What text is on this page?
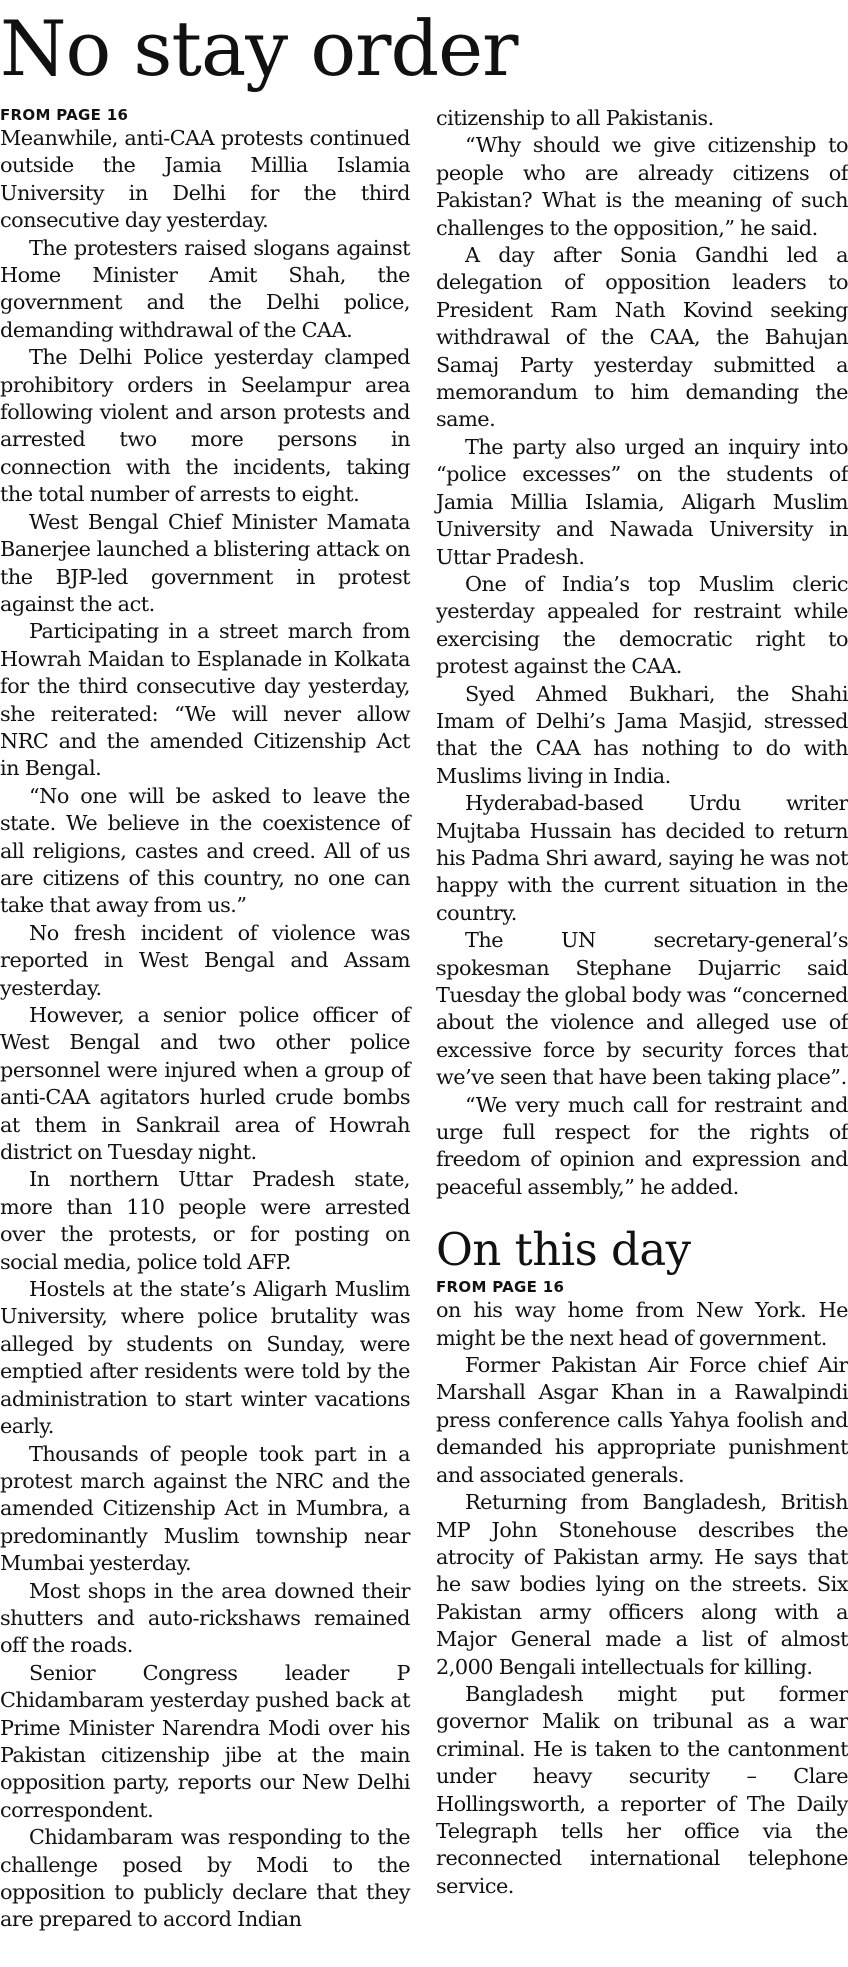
No stay order
FROM PAGE 16

Meanwhile, anti-CAA protests continued outside the Jamia Millia Islamia University in Delhi for the third consecutive day yesterday.

The protesters raised slogans against Home Minister Amit Shah, the government and the Delhi police, demanding withdrawal of the CAA.

The Delhi Police yesterday clamped prohibitory orders in Seelampur area following violent and arson protests and arrested two more persons in connection with the incidents, taking the total number of arrests to eight.

West Bengal Chief Minister Mamata Banerjee launched a blistering attack on the BJP-led government in protest against the act.

Participating in a street march from Howrah Maidan to Esplanade in Kolkata for the third consecutive day yesterday, she reiterated: “We will never allow NRC and the amended Citizenship Act in Bengal.

“No one will be asked to leave the state. We believe in the coexistence of all religions, castes and creed. All of us are citizens of this country, no one can take that away from us.”

No fresh incident of violence was reported in West Bengal and Assam yesterday.

However, a senior police officer of West Bengal and two other police personnel were injured when a group of anti-CAA agitators hurled crude bombs at them in Sankrail area of Howrah district on Tuesday night.

In northern Uttar Pradesh state, more than 110 people were arrested over the protests, or for posting on social media, police told AFP.

Hostels at the state’s Aligarh Muslim University, where police brutality was alleged by students on Sunday, were emptied after residents were told by the administration to start winter vacations early.

Thousands of people took part in a protest march against the NRC and the amended Citizenship Act in Mumbra, a predominantly Muslim township near Mumbai yesterday.

Most shops in the area downed their shutters and auto-rickshaws remained off the roads.

Senior Congress leader P Chidambaram yesterday pushed back at Prime Minister Narendra Modi over his Pakistan citizenship jibe at the main opposition party, reports our New Delhi correspondent.

Chidambaram was responding to the challenge posed by Modi to the opposition to publicly declare that they are prepared to accord Indian

citizenship to all Pakistanis.

“Why should we give citizenship to people who are already citizens of Pakistan? What is the meaning of such challenges to the opposition,” he said.

A day after Sonia Gandhi led a delegation of opposition leaders to President Ram Nath Kovind seeking withdrawal of the CAA, the Bahujan Samaj Party yesterday submitted a memorandum to him demanding the same.

The party also urged an inquiry into “police excesses” on the students of Jamia Millia Islamia, Aligarh Muslim University and Nawada University in Uttar Pradesh.

One of India’s top Muslim cleric yesterday appealed for restraint while exercising the democratic right to protest against the CAA.

Syed Ahmed Bukhari, the Shahi Imam of Delhi’s Jama Masjid, stressed that the CAA has nothing to do with Muslims living in India.

Hyderabad-based Urdu writer Mujtaba Hussain has decided to return his Padma Shri award, saying he was not happy with the current situation in the country.

The UN secretary-general’s spokesman Stephane Dujarric said Tuesday the global body was “concerned about the violence and alleged use of excessive force by security forces that we’ve seen that have been taking place”.

“We very much call for restraint and urge full respect for the rights of freedom of opinion and expression and peaceful assembly,” he added.

On this day
FROM PAGE 16

on his way home from New York. He might be the next head of government.

Former Pakistan Air Force chief Air Marshall Asgar Khan in a Rawalpindi press conference calls Yahya foolish and demanded his appropriate punishment and associated generals.

Returning from Bangladesh, British MP John Stonehouse describes the atrocity of Pakistan army. He says that he saw bodies lying on the streets. Six Pakistan army officers along with a Major General made a list of almost 2,000 Bengali intellectuals for killing.

Bangladesh might put former governor Malik on tribunal as a war criminal. He is taken to the cantonment under heavy security – Clare Hollingsworth, a reporter of The Daily Telegraph tells her office via the reconnected international telephone service.
